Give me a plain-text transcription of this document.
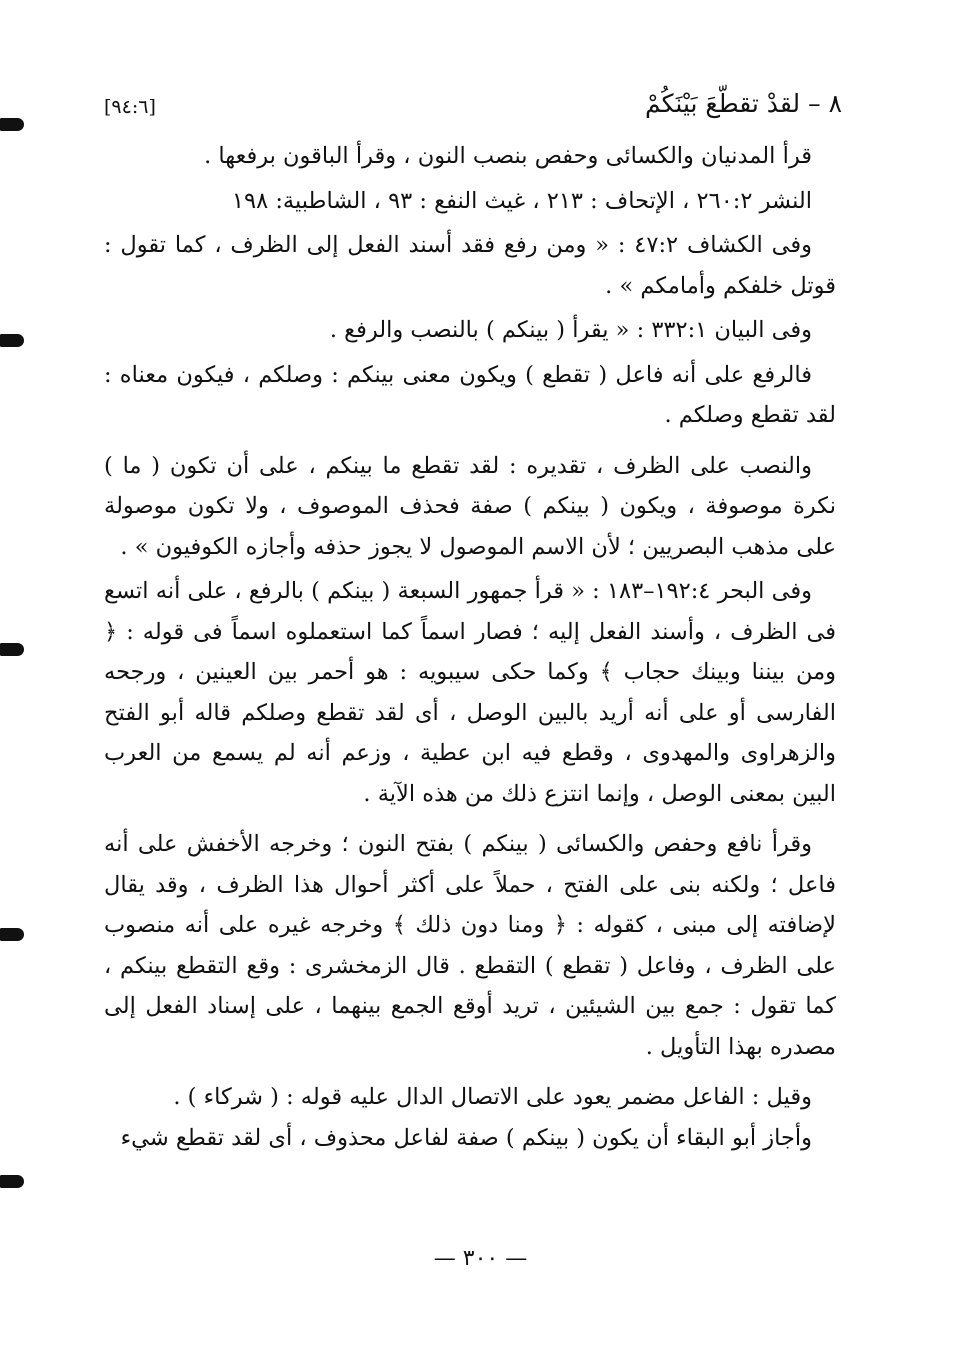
٨ – لقدْ تقطّعَ بَيْنَكُمْ
[٩٤:٦]

قرأ المدنيان والكسائى وحفص بنصب النون ، وقرأ الباقون برفعها .

النشر ٢٦٠:٢ ، الإتحاف : ٢١٣ ، غيث النفع : ٩٣ ، الشاطبية: ١٩٨

وفى الكشاف ٤٧:٢ : « ومن رفع فقد أسند الفعل إلى الظرف ، كما تقول : قوتل خلفكم وأمامكم » .

وفى البيان ٣٣٢:١ : « يقرأ ( بينكم ) بالنصب والرفع .

فالرفع على أنه فاعل ( تقطع ) ويكون معنى بينكم : وصلكم ، فيكون معناه : لقد تقطع وصلكم .

والنصب على الظرف ، تقديره : لقد تقطع ما بينكم ، على أن تكون ( ما ) نكرة موصوفة ، ويكون ( بينكم ) صفة فحذف الموصوف ، ولا تكون موصولة على مذهب البصريين ؛ لأن الاسم الموصول لا يجوز حذفه وأجازه الكوفيون » .

وفى البحر ١٩٢:٤–١٨٣ : « قرأ جمهور السبعة ( بينكم ) بالرفع ، على أنه اتسع فى الظرف ، وأسند الفعل إليه ؛ فصار اسماً كما استعملوه اسماً فى قوله : ﴿ ومن بيننا وبينك حجاب ﴾ وكما حكى سيبويه : هو أحمر بين العينين ، ورجحه الفارسى أو على أنه أريد بالبين الوصل ، أى لقد تقطع وصلكم قاله أبو الفتح والزهراوى والمهدوى ، وقطع فيه ابن عطية ، وزعم أنه لم يسمع من العرب البين بمعنى الوصل ، وإنما انتزع ذلك من هذه الآية .

وقرأ نافع وحفص والكسائى ( بينكم ) بفتح النون ؛ وخرجه الأخفش على أنه فاعل ؛ ولكنه بنى على الفتح ، حملاً على أكثر أحوال هذا الظرف ، وقد يقال لإضافته إلى مبنى ، كقوله : ﴿ ومنا دون ذلك ﴾ وخرجه غيره على أنه منصوب على الظرف ، وفاعل ( تقطع ) التقطع . قال الزمخشرى : وقع التقطع بينكم ، كما تقول : جمع بين الشيئين ، تريد أوقع الجمع بينهما ، على إسناد الفعل إلى مصدره بهذا التأويل .

وقيل : الفاعل مضمر يعود على الاتصال الدال عليه قوله : ( شركاء ) .

وأجاز أبو البقاء أن يكون ( بينكم ) صفة لفاعل محذوف ، أى لقد تقطع شيء

— ٣٠٠ —
